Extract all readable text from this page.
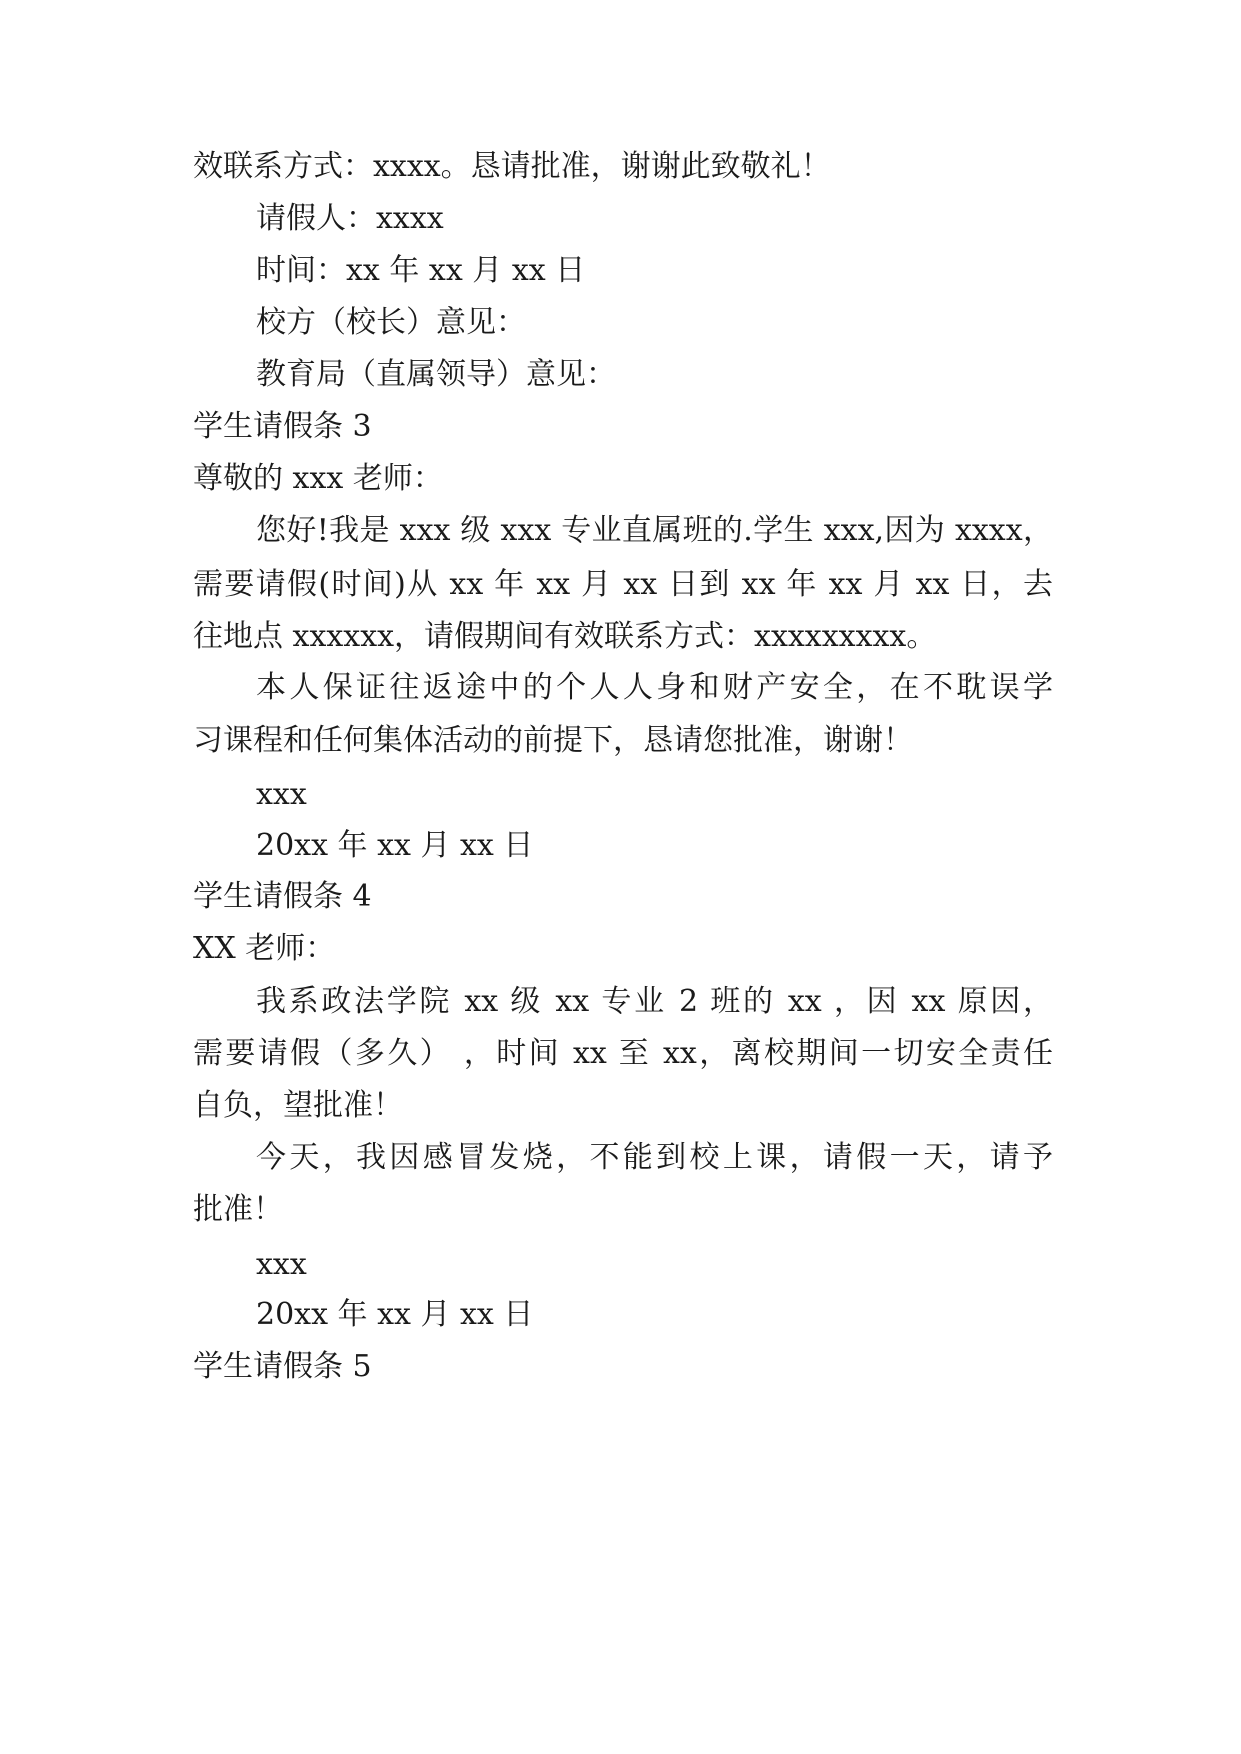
效联系方式：xxxx。恳请批准，谢谢此致敬礼！
请假人：xxxx
时间：xx 年 xx 月 xx 日
校方（校长）意见：
教育局（直属领导）意见：
学生请假条 3
尊敬的 xxx 老师：
您好!我是 xxx 级 xxx 专业直属班的.学生 xxx,因为 xxxx，
需要请假(时间)从 xx 年 xx 月 xx 日到 xx 年 xx 月 xx 日，去
往地点 xxxxxx，请假期间有效联系方式：xxxxxxxxx。
本人保证往返途中的个人人身和财产安全，在不耽误学
习课程和任何集体活动的前提下，恳请您批准，谢谢！
xxx
20xx 年 xx 月 xx 日
学生请假条 4
XX 老师：
我系政法学院 xx 级 xx 专业 2 班的 xx ，因 xx 原因，
需要请假（多久） ，时间 xx 至 xx，离校期间一切安全责任
自负，望批准！
今天，我因感冒发烧，不能到校上课，请假一天，请予
批准！
xxx
20xx 年 xx 月 xx 日
学生请假条 5
